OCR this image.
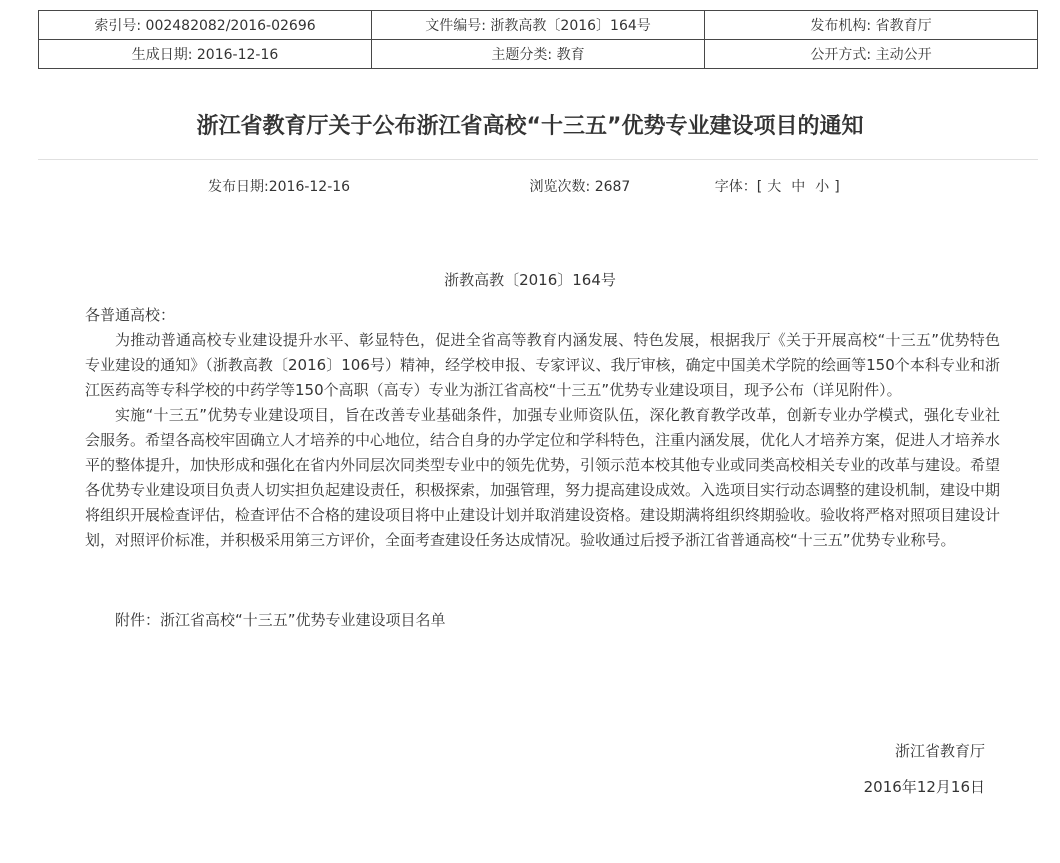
索引号: 002482082/2016-02696	文件编号: 浙教高教〔2016〕164号	发布机构: 省教育厅
生成日期: 2016-12-16	主题分类: 教育	公开方式: 主动公开
浙江省教育厅关于公布浙江省高校“十三五”优势专业建设项目的通知
发布日期:2016-12-16	浏览次数: 2687	字体：[ 大 中 小 ]
浙教高教〔2016〕164号

各普通高校：

为推动普通高校专业建设提升水平、彰显特色，促进全省高等教育内涵发展、特色发展，根据我厅《关于开展高校“十三五”优势特色专业建设的通知》（浙教高教〔2016〕106号）精神，经学校申报、专家评议、我厅审核，确定中国美术学院的绘画等150个本科专业和浙江医药高等专科学校的中药学等150个高职（高专）专业为浙江省高校“十三五”优势专业建设项目，现予公布（详见附件）。

实施“十三五”优势专业建设项目，旨在改善专业基础条件，加强专业师资队伍，深化教育教学改革，创新专业办学模式，强化专业社会服务。希望各高校牢固确立人才培养的中心地位，结合自身的办学定位和学科特色，注重内涵发展，优化人才培养方案，促进人才培养水平的整体提升，加快形成和强化在省内外同层次同类型专业中的领先优势，引领示范本校其他专业或同类高校相关专业的改革与建设。希望各优势专业建设项目负责人切实担负起建设责任，积极探索，加强管理，努力提高建设成效。入选项目实行动态调整的建设机制，建设中期将组织开展检查评估，检查评估不合格的建设项目将中止建设计划并取消建设资格。建设期满将组织终期验收。验收将严格对照项目建设计划，对照评价标准，并积极采用第三方评价，全面考查建设任务达成情况。验收通过后授予浙江省普通高校“十三五”优势专业称号。

附件：浙江省高校“十三五”优势专业建设项目名单

浙江省教育厅
2016年12月16日
